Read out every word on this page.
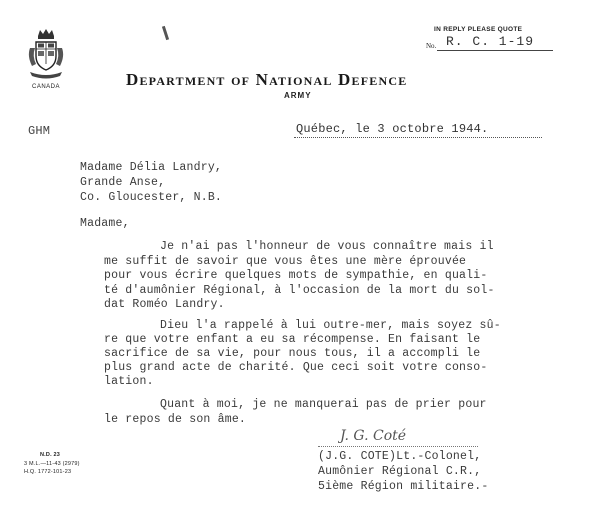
CANADA
IN REPLY PLEASE QUOTE
No. R. C. 1-19
Department of National Defence
ARMY
GHM	Québec, le 3 octobre 1944.
Madame Délia Landry,
Grande Anse,
Co. Gloucester, N.B.
Madame,
Je n'ai pas l'honneur de vous connaître mais il
me suffit de savoir que vous êtes une mère éprouvée
pour vous écrire quelques mots de sympathie, en quali-
té d'aumônier Régional, à l'occasion de la mort du sol-
dat Roméo Landry.
Dieu l'a rappelé à lui outre-mer, mais soyez sû-
re que votre enfant a eu sa récompense. En faisant le
sacrifice de sa vie, pour nous tous, il a accompli le
plus grand acte de charité. Que ceci soit votre conso-
lation.
Quant à moi, je ne manquerai pas de prier pour
le repos de son âme.
J. G. Coté
(J.G. COTE)Lt.-Colonel,
Aumônier Régional C.R.,
5ième Région militaire.-
N.D. 23
3 M.L.—11-43 (2979)
H.Q. 1772-101-23
